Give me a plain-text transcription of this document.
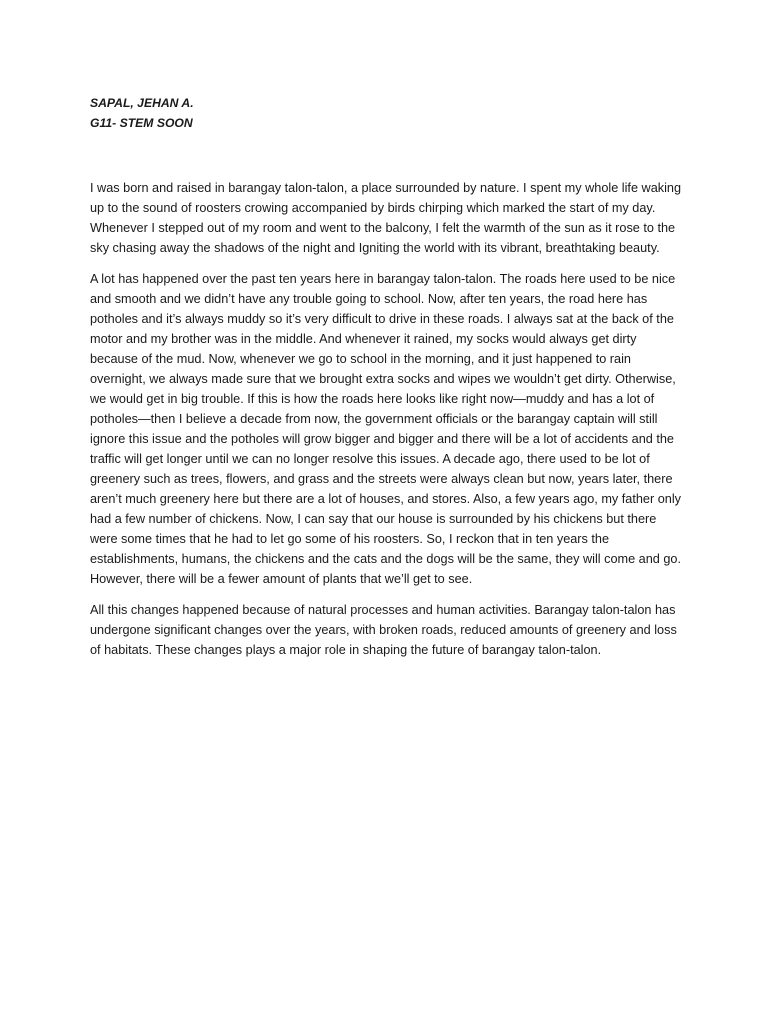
SAPAL, JEHAN A.
G11- STEM SOON

I was born and raised in barangay talon-talon, a place surrounded by nature. I spent my whole life waking up to the sound of roosters crowing accompanied by birds chirping which marked the start of my day. Whenever I stepped out of my room and went to the balcony, I felt the warmth of the sun as it rose to the sky chasing away the shadows of the night and Igniting the world with its vibrant, breathtaking beauty.

A lot has happened over the past ten years here in barangay talon-talon. The roads here used to be nice and smooth and we didn’t have any trouble going to school. Now, after ten years, the road here has potholes and it’s always muddy so it’s very difficult to drive in these roads. I always sat at the back of the motor and my brother was in the middle. And whenever it rained, my socks would always get dirty because of the mud. Now, whenever we go to school in the morning, and it just happened to rain overnight, we always made sure that we brought extra socks and wipes we wouldn’t get dirty. Otherwise, we would get in big trouble. If this is how the roads here looks like right now—muddy and has a lot of potholes—then I believe a decade from now, the government officials or the barangay captain will still ignore this issue and the potholes will grow bigger and bigger and there will be a lot of accidents and the traffic will get longer until we can no longer resolve this issues. A decade ago, there used to be lot of greenery such as trees, flowers, and grass and the streets were always clean but now, years later, there aren’t much greenery here but there are a lot of houses, and stores. Also, a few years ago, my father only had a few number of chickens. Now, I can say that our house is surrounded by his chickens but there were some times that he had to let go some of his roosters. So, I reckon that in ten years the establishments, humans, the chickens and the cats and the dogs will be the same, they will come and go. However, there will be a fewer amount of plants that we’ll get to see.

All this changes happened because of natural processes and human activities. Barangay talon-talon has undergone significant changes over the years, with broken roads, reduced amounts of greenery and loss of habitats. These changes plays a major role in shaping the future of barangay talon-talon.
